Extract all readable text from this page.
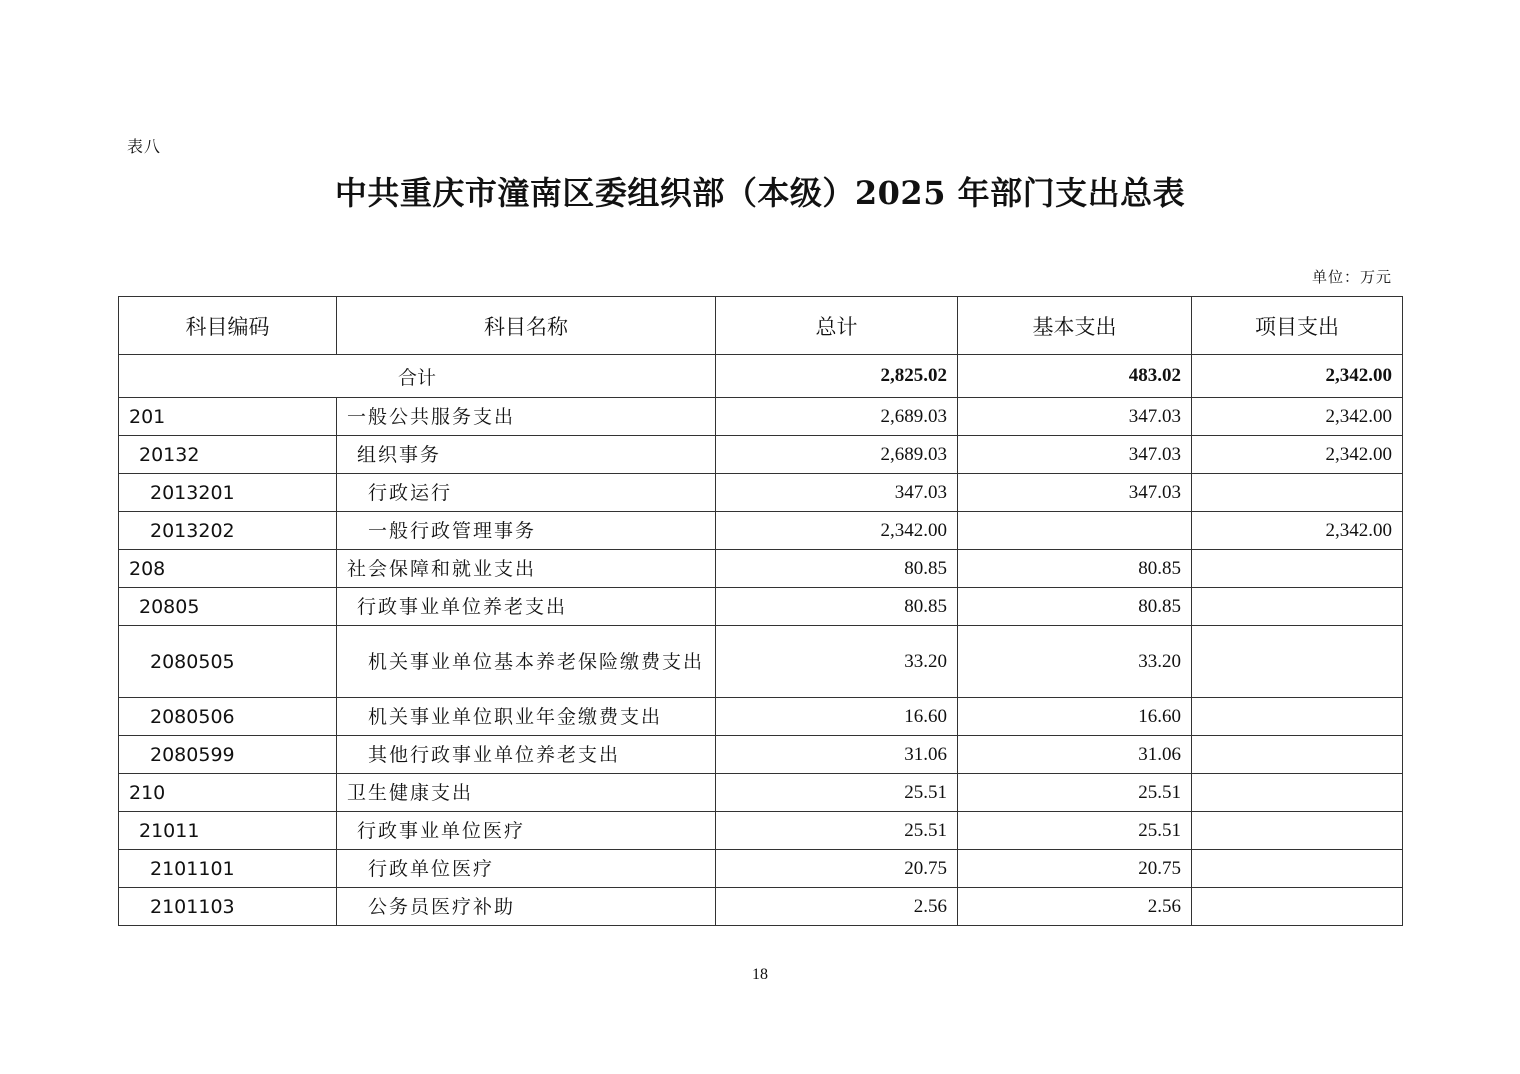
表八
中共重庆市潼南区委组织部（本级）2025 年部门支出总表
单位：万元
科目编码	科目名称	总计	基本支出	项目支出
合计		2,825.02	483.02	2,342.00
201	一般公共服务支出	2,689.03	347.03	2,342.00
20132	组织事务	2,689.03	347.03	2,342.00
2013201	行政运行	347.03	347.03	
2013202	一般行政管理事务	2,342.00		2,342.00
208	社会保障和就业支出	80.85	80.85	
20805	行政事业单位养老支出	80.85	80.85	
2080505	机关事业单位基本养老保险缴费支出	33.20	33.20	
2080506	机关事业单位职业年金缴费支出	16.60	16.60	
2080599	其他行政事业单位养老支出	31.06	31.06	
210	卫生健康支出	25.51	25.51	
21011	行政事业单位医疗	25.51	25.51	
2101101	行政单位医疗	20.75	20.75	
2101103	公务员医疗补助	2.56	2.56	
18
